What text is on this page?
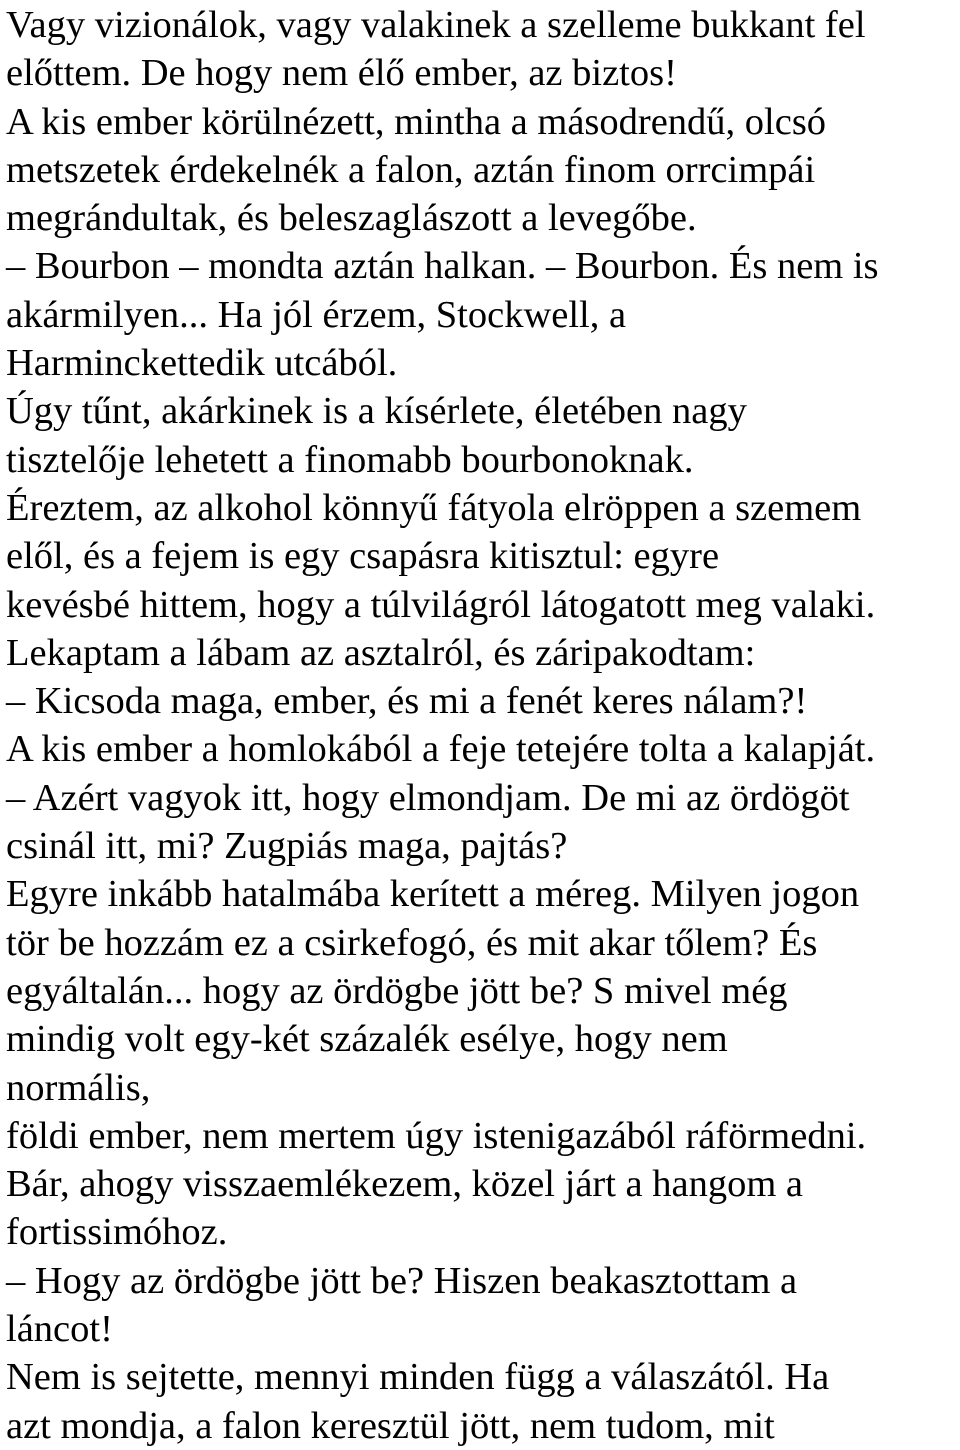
Vagy vizionálok, vagy valakinek a szelleme bukkant fel
előttem. De hogy nem élő ember, az biztos!
A kis ember körülnézett, mintha a másodrendű, olcsó
metszetek érdekelnék a falon, aztán finom orrcimpái
megrándultak, és beleszaglászott a levegőbe.
– Bourbon – mondta aztán halkan. – Bourbon. És nem is
akármilyen... Ha jól érzem, Stockwell, a
Harminckettedik utcából.
Úgy tűnt, akárkinek is a kísérlete, életében nagy
tisztelője lehetett a finomabb bourbonoknak.
Éreztem, az alkohol könnyű fátyola elröppen a szemem
elől, és a fejem is egy csapásra kitisztul: egyre
kevésbé hittem, hogy a túlvilágról látogatott meg valaki.
Lekaptam a lábam az asztalról, és záripakodtam:
– Kicsoda maga, ember, és mi a fenét keres nálam?!
A kis ember a homlokából a feje tetejére tolta a kalapját.
– Azért vagyok itt, hogy elmondjam. De mi az ördögöt
csinál itt, mi? Zugpiás maga, pajtás?
Egyre inkább hatalmába kerített a méreg. Milyen jogon
tör be hozzám ez a csirkefogó, és mit akar tőlem? És
egyáltalán... hogy az ördögbe jött be? S mivel még
mindig volt egy-két százalék esélye, hogy nem
normális,
földi ember, nem mertem úgy istenigazából ráförmedni.
Bár, ahogy visszaemlékezem, közel járt a hangom a
fortissimóhoz.
– Hogy az ördögbe jött be? Hiszen beakasztottam a
láncot!
Nem is sejtette, mennyi minden függ a válaszától. Ha
azt mondja, a falon keresztül jött, nem tudom, mit
